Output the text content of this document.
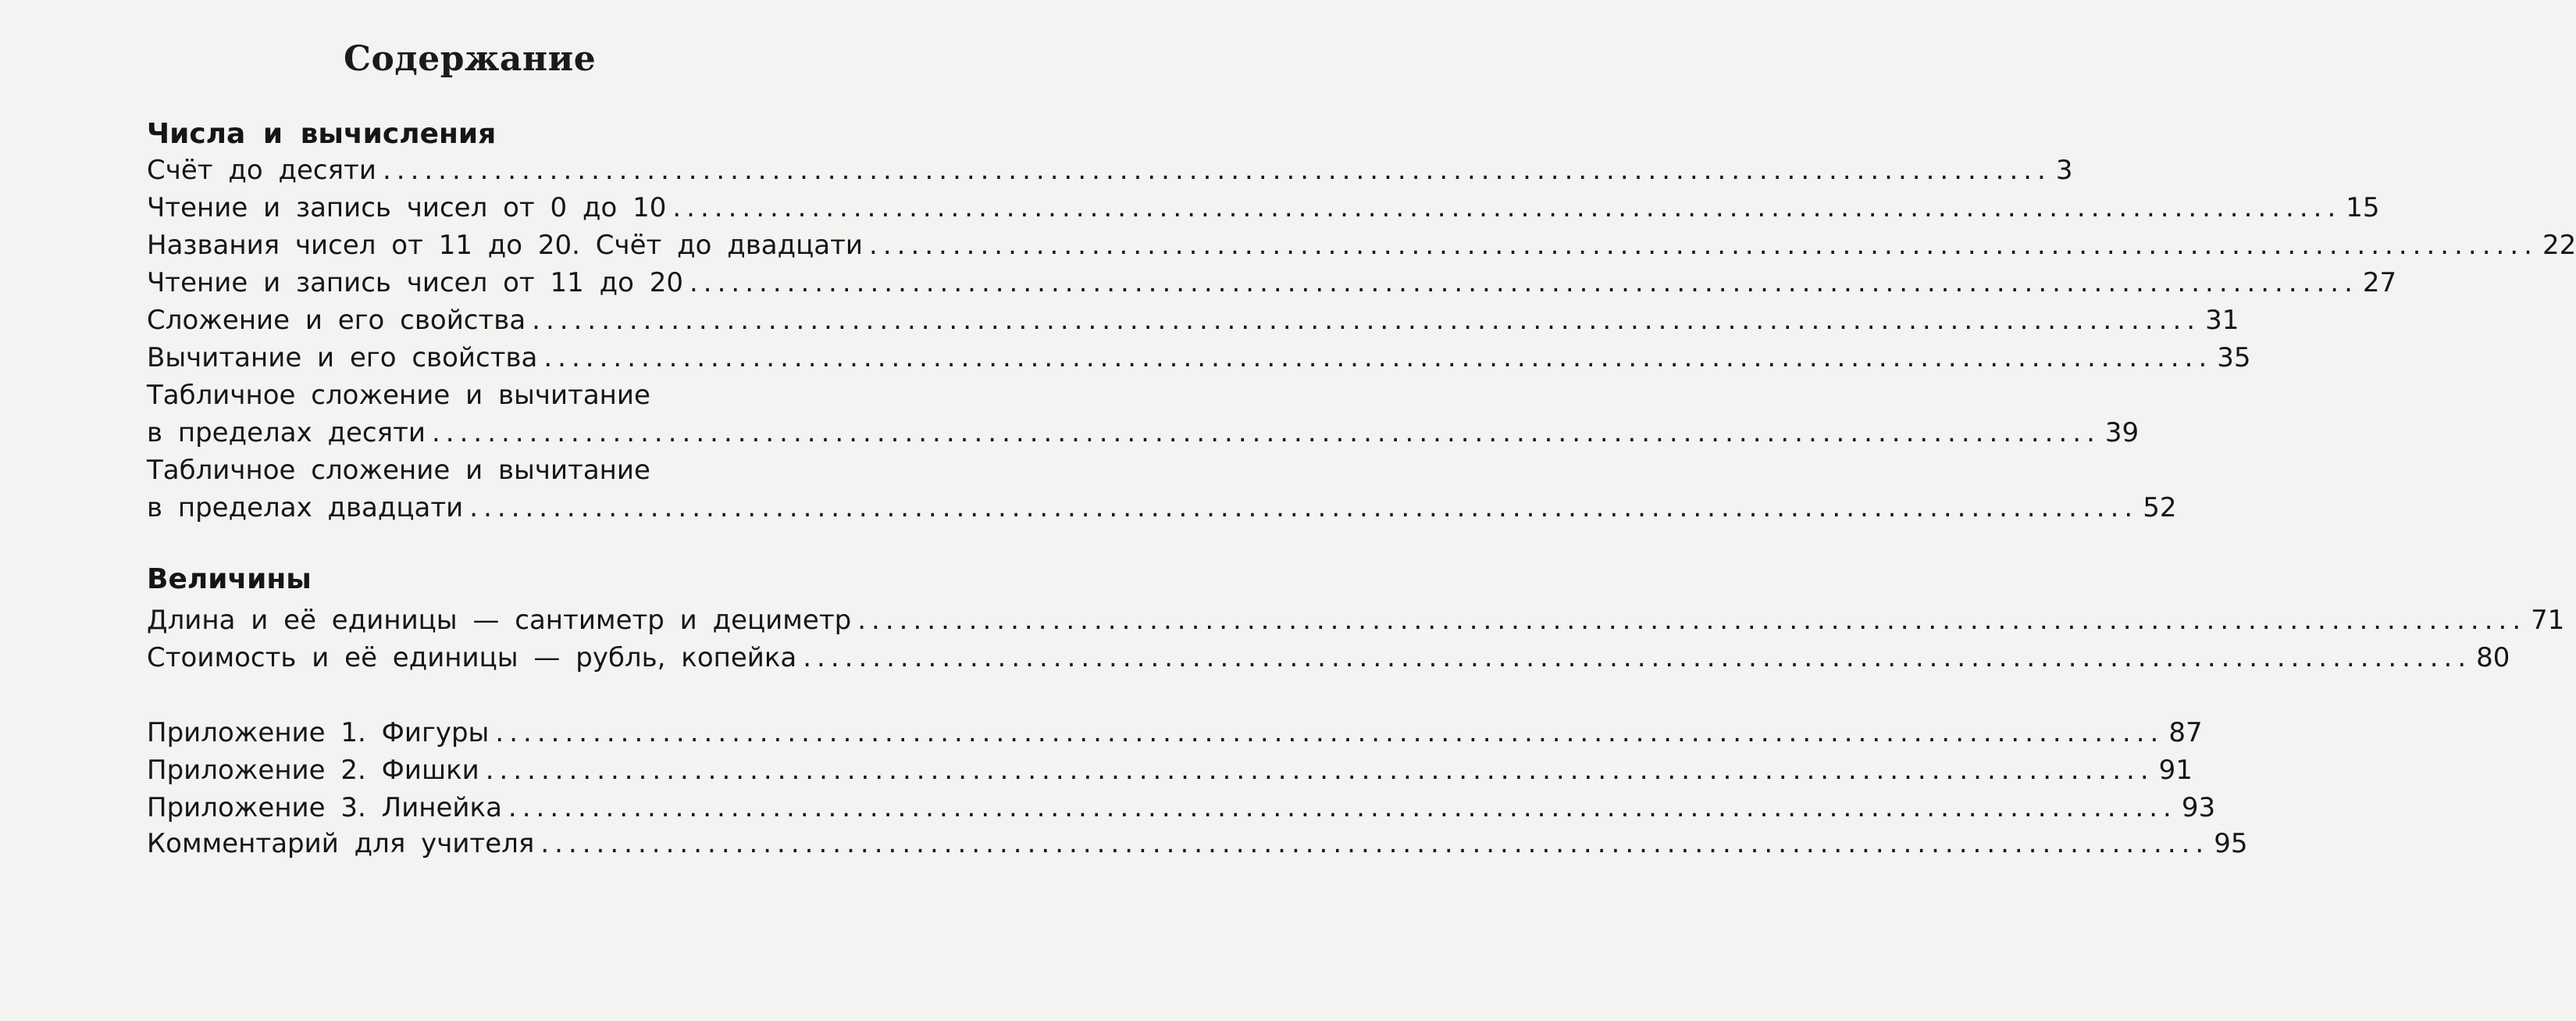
Содержание
Числа и вычисления
Счёт до десяти ........................................................................................................................ 3
Чтение и запись чисел от 0 до 10 ........................................................................................................................ 15
Названия чисел от 11 до 20. Счёт до двадцати ........................................................................................................................ 22
Чтение и запись чисел от 11 до 20 ........................................................................................................................ 27
Сложение и его свойства ........................................................................................................................ 31
Вычитание и его свойства ........................................................................................................................ 35
Табличное сложение и вычитание
в пределах десяти ........................................................................................................................ 39
Табличное сложение и вычитание
в пределах двадцати ........................................................................................................................ 52
Величины
Длина и её единицы — сантиметр и дециметр ........................................................................................................................ 71
Стоимость и её единицы — рубль, копейка ........................................................................................................................ 80
Приложение 1. Фигуры ........................................................................................................................ 87
Приложение 2. Фишки ........................................................................................................................ 91
Приложение 3. Линейка ........................................................................................................................ 93
Комментарий для учителя ........................................................................................................................ 95
